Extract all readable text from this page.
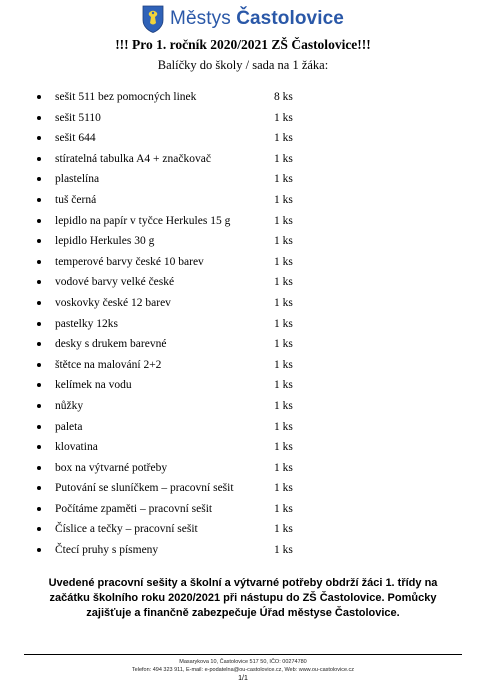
Městys Častolovice
!!! Pro 1. ročník 2020/2021 ZŠ Častolovice!!!
Balíčky do školy / sada na 1 žáka:
sešit 511 bez pomocných linek	8 ks
sešit 5110	1 ks
sešit 644	1 ks
stíratelná tabulka A4 + značkovač	1 ks
plastelína	1 ks
tuš černá	1 ks
lepidlo na papír v tyčce Herkules 15 g	1 ks
lepidlo Herkules 30 g	1 ks
temperové barvy české 10 barev	1 ks
vodové barvy velké české	1 ks
voskovky české 12 barev	1 ks
pastelky 12ks	1 ks
desky s drukem barevné	1 ks
štětce na malování 2+2	1 ks
kelímek na vodu	1 ks
nůžky	1 ks
paleta	1 ks
klovatina	1 ks
box na výtvarné potřeby	1 ks
Putování se sluníčkem – pracovní sešit	1 ks
Počítáme zpaměti – pracovní sešit	1 ks
Číslice a tečky – pracovní sešit	1 ks
Čtecí pruhy s písmeny	1 ks
Uvedené pracovní sešity a školní a výtvarné potřeby obdrží žáci 1. třídy na začátku školního roku 2020/2021 při nástupu do ZŠ Častolovice. Pomůcky zajišťuje a finančně zabezpečuje Úřad městyse Častolovice.
Masarykova 10, Častolovice 517 50, IČO: 00274780
Telefon: 494 323 911, E-mail: e-podatelna@ou-castolovice.cz, Web: www.ou-castolovice.cz
1/1
